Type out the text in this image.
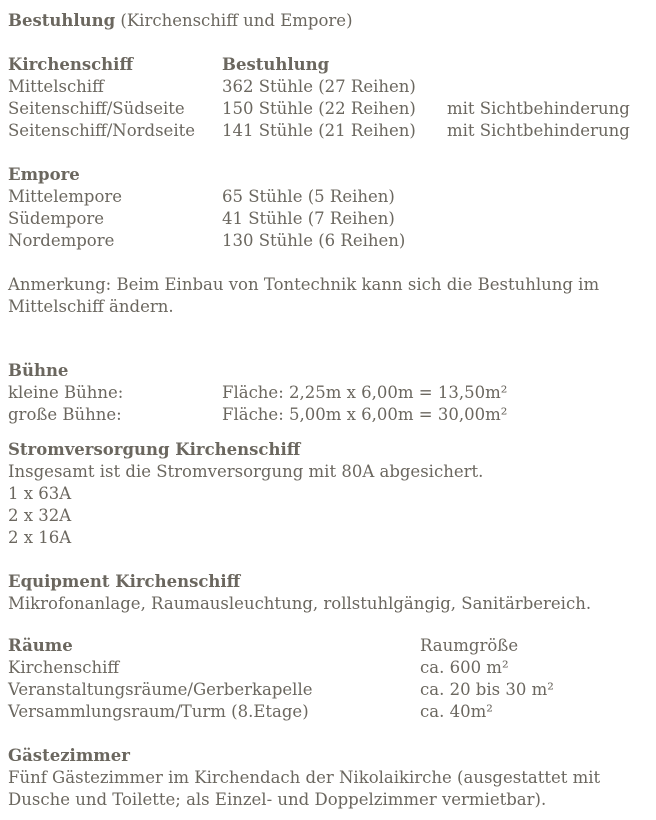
Bestuhlung (Kirchenschiff und Empore)

Kirchenschiff	Bestuhlung
Mittelschiff	362 Stühle (27 Reihen)
Seitenschiff/Südseite	150 Stühle (22 Reihen)	mit Sichtbehinderung
Seitenschiff/Nordseite	141 Stühle (21 Reihen)	mit Sichtbehinderung

Empore

Mittelempore	65 Stühle (5 Reihen)
Südempore	41 Stühle (7 Reihen)
Nordempore	130 Stühle (6 Reihen)

Anmerkung: Beim Einbau von Tontechnik kann sich die Bestuhlung im Mittelschiff ändern.

Bühne

kleine Bühne:	Fläche: 2,25m x 6,00m = 13,50m²
große Bühne:	Fläche: 5,00m x 6,00m = 30,00m²

Stromversorgung Kirchenschiff

Insgesamt ist die Stromversorgung mit 80A abgesichert.

1 x 63A

2 x 32A

2 x 16A

Equipment Kirchenschiff

Mikrofonanlage, Raumausleuchtung, rollstuhlgängig, Sanitärbereich.

Räume	Raumgröße
Kirchenschiff	ca. 600 m²
Veranstaltungsräume/Gerberkapelle	ca. 20 bis 30 m²
Versammlungsraum/Turm (8.Etage)	ca. 40m²

Gästezimmer

Fünf Gästezimmer im Kirchendach der Nikolaikirche (ausgestattet mit Dusche und Toilette; als Einzel- und Doppelzimmer vermietbar).
